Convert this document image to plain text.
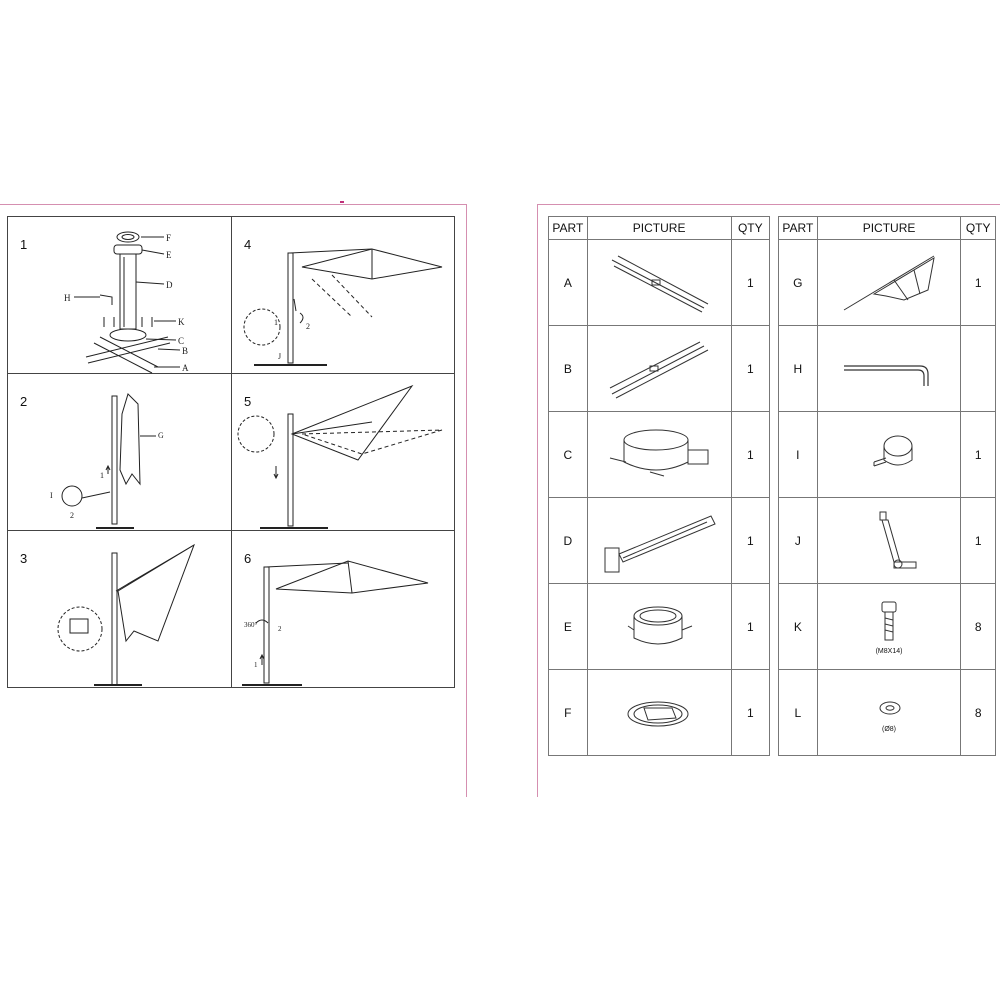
1	F
E
D
H
K
C
B
A
4
1	2
J
2
G
I
1
2
5
3	6
360°	2
1
PART	PICTURE	QTY
A		1
B		1
C		1
D		1
E		1
F		1
PART	PICTURE	QTY
G		1
H	

I		1
J		1
K	(M8X14)	8
L	(Ø8)	8
